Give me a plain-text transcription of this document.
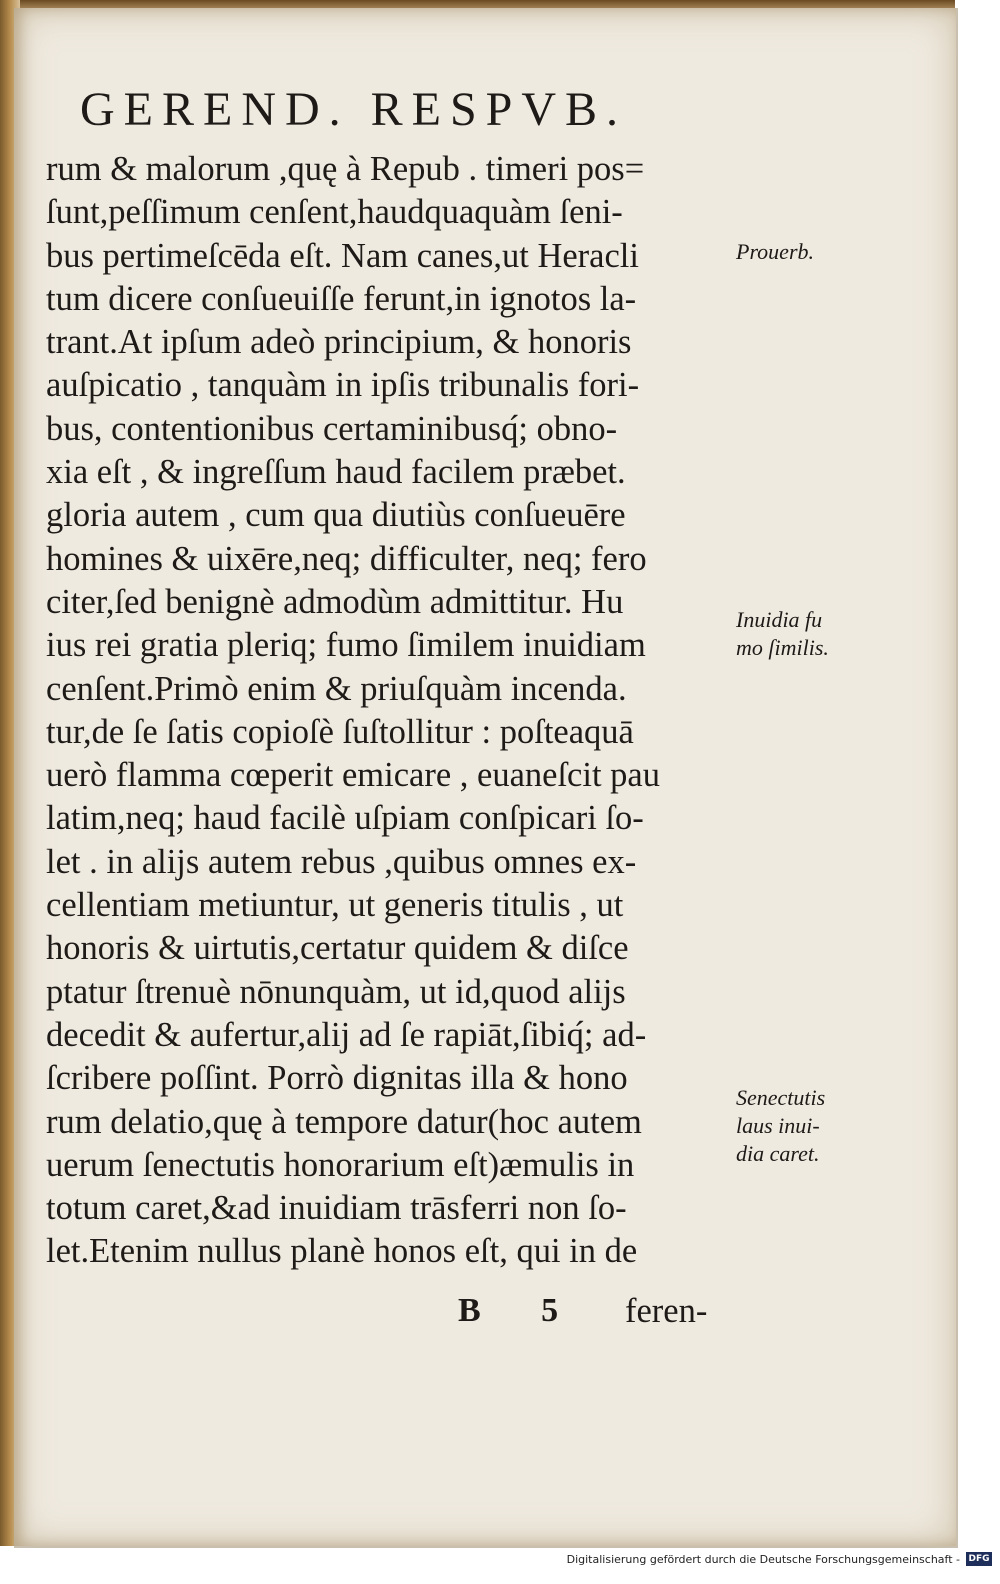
GEREND. RESPVB.
rum & malorum ,quę à Repub . timeri pos=
ſunt,peſſimum cenſent,haudquaquàm ſeni-
bus pertimeſcēda eſt. Nam canes,ut Heracli
tum dicere conſueuiſſe ferunt,in ignotos la-
trant.At ipſum adeò principium, & honoris
auſpicatio , tanquàm in ipſis tribunalis fori-
bus, contentionibus certaminibusq́; obno-
xia eſt , & ingreſſum haud facilem præbet.
gloria autem , cum qua diutiùs conſueuēre
homines & uixēre,neq; difficulter, neq; fero
citer,ſed benignè admodùm admittitur. Hu
ius rei gratia pleriq; fumo ſimilem inuidiam
cenſent.Primò enim & priuſquàm incenda.
tur,de ſe ſatis copioſè ſuſtollitur : poſteaquā
uerò flamma cœperit emicare , euaneſcit pau
latim,neq; haud facilè uſpiam conſpicari ſo-
let . in alijs autem rebus ,quibus omnes ex-
cellentiam metiuntur, ut generis titulis , ut
honoris & uirtutis,certatur quidem & diſce
ptatur ſtrenuè nōnunquàm, ut id,quod alijs
decedit & aufertur,alij ad ſe rapiāt,ſibiq́; ad-
ſcribere poſſint. Porrò dignitas illa & hono
rum delatio,quę à tempore datur(hoc autem
uerum ſenectutis honorarium eſt)æmulis in
totum caret,&ad inuidiam trāsferri non ſo-
let.Etenim nullus planè honos eſt, qui in de
Prouerb.
Inuidia fu
mo ſimilis.
Senectutis
laus inui-
dia caret.
B 5 feren-
Digitalisierung gefördert durch die Deutsche Forschungsgemeinschaft - DFG
